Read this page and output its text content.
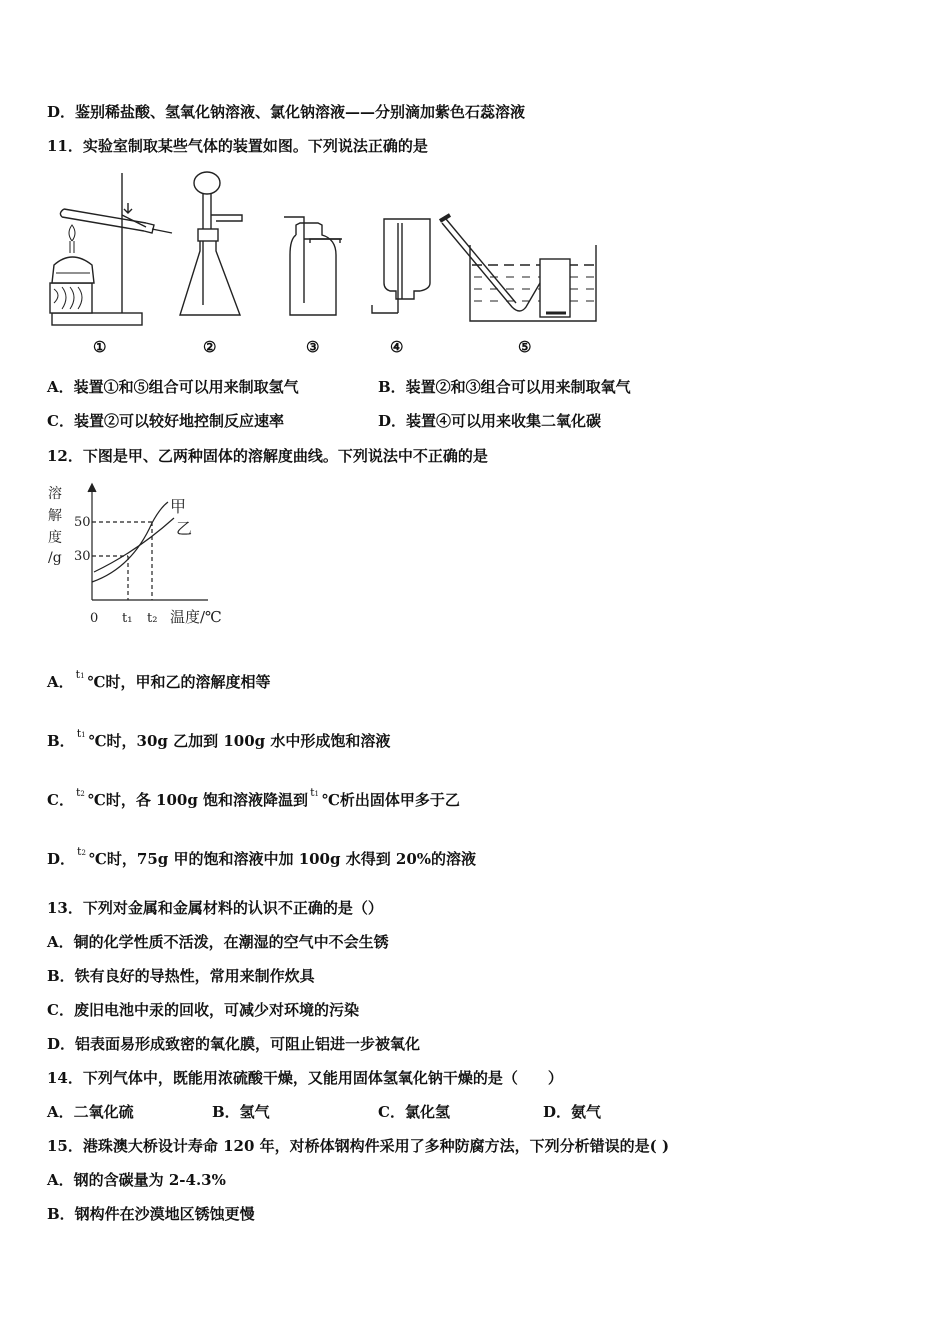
D．鉴别稀盐酸、氢氧化钠溶液、氯化钠溶液——分别滴加紫色石蕊溶液
11．实验室制取某些气体的装置如图。下列说法正确的是
①	②	③	④	⑤
A．装置①和⑤组合可以用来制取氢气	B．装置②和③组合可以用来制取氧气
C．装置②可以较好地控制反应速率	D．装置④可以用来收集二氧化碳
12．下图是甲、乙两种固体的溶解度曲线。下列说法中不正确的是
溶
解
度
/g
50
30
0 t₁ t₂ 温度/℃
甲
乙
A． $^{t1}$ ℃时，甲和乙的溶解度相等
B． $^{t1}$ ℃时，30g 乙加到 100g 水中形成饱和溶液
C． $^{t2}$ ℃时，各 100g 饱和溶液降温到 $^{t1}$ ℃析出固体甲多于乙
D． $^{t2}$ ℃时，75g 甲的饱和溶液中加 100g 水得到 20%的溶液
13．下列对金属和金属材料的认识不正确的是（）
A．铜的化学性质不活泼，在潮湿的空气中不会生锈
B．铁有良好的导热性，常用来制作炊具
C．废旧电池中汞的回收，可减少对环境的污染
D．铝表面易形成致密的氧化膜，可阻止铝进一步被氧化
14．下列气体中，既能用浓硫酸干燥，又能用固体氢氧化钠干燥的是（　　）
A．二氧化硫	B．氢气	C．氯化氢	D．氨气
15．港珠澳大桥设计寿命 120 年，对桥体钢构件采用了多种防腐方法，下列分析错误的是( )
A．钢的含碳量为 2-4.3%
B．钢构件在沙漠地区锈蚀更慢
